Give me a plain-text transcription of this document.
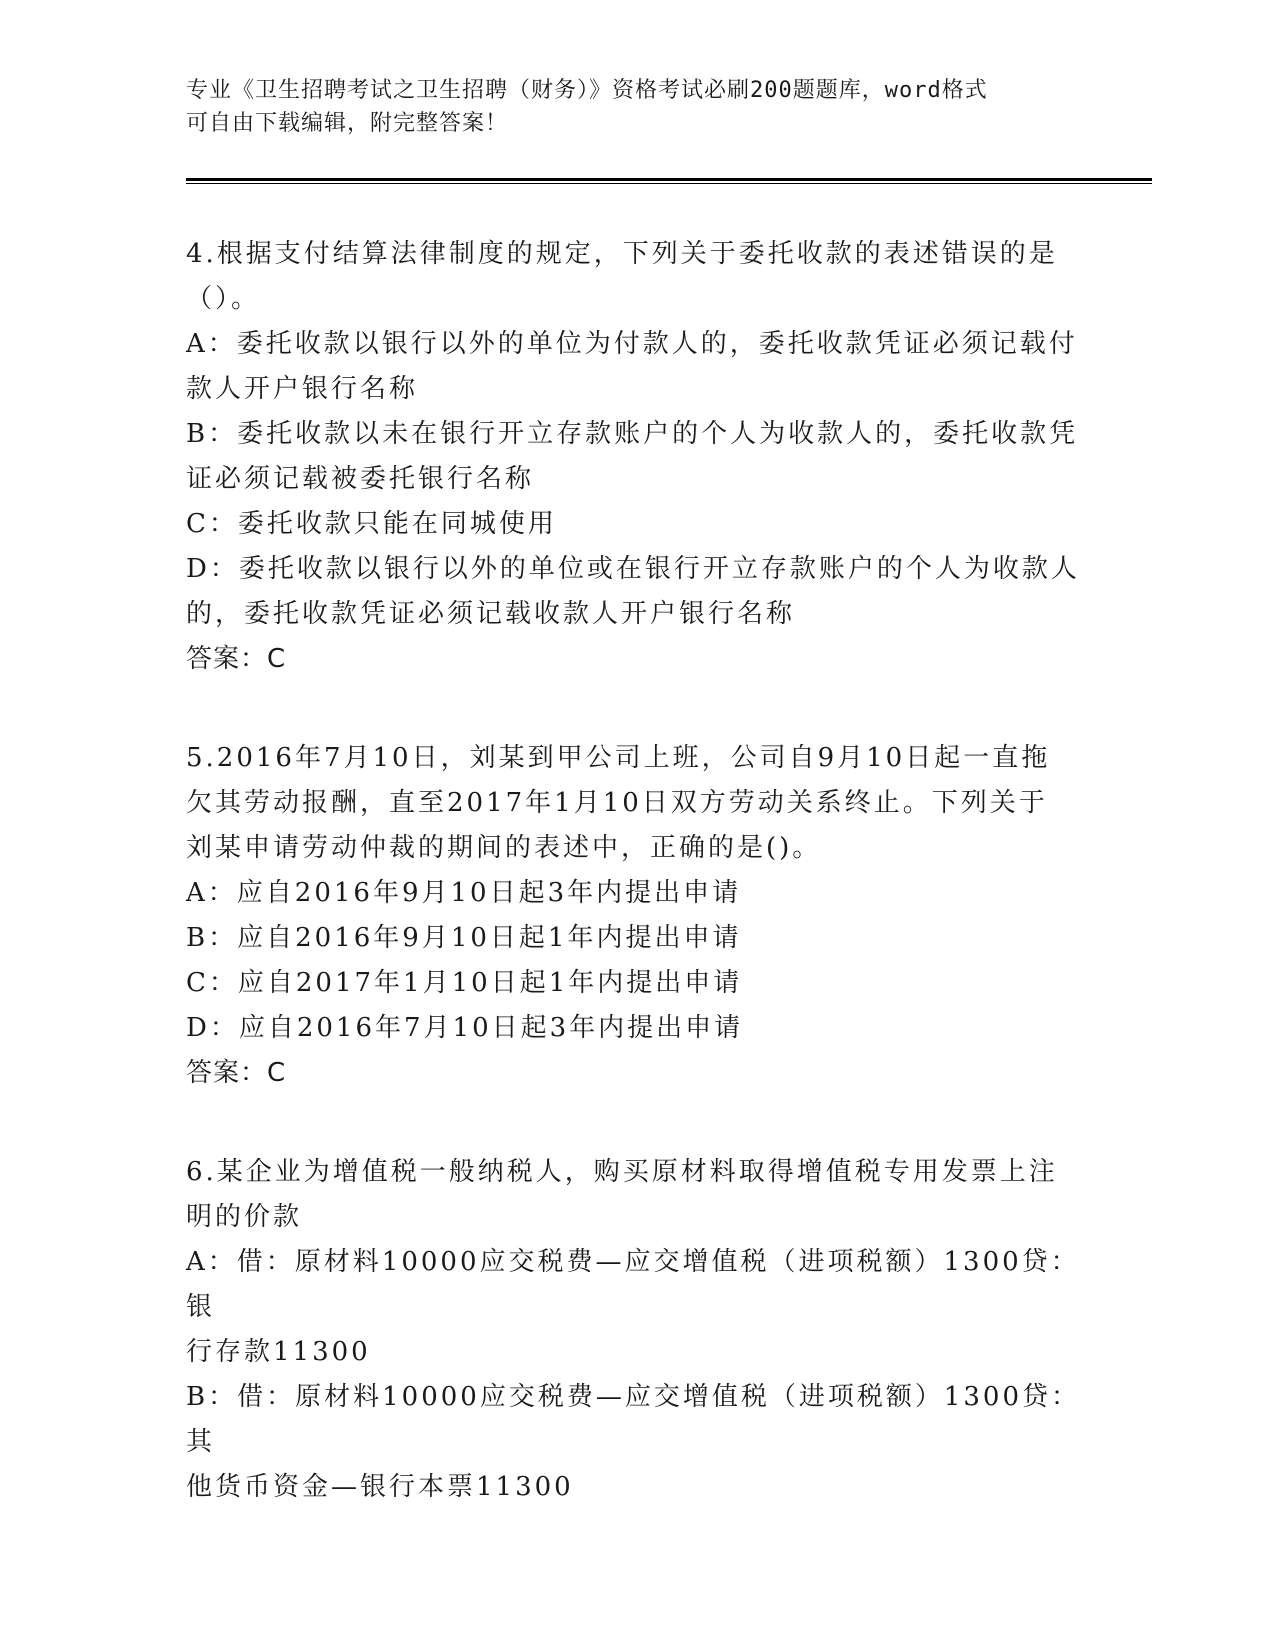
专业《卫生招聘考试之卫生招聘（财务）》资格考试必刷200题题库，word格式
可自由下载编辑，附完整答案！
4.根据支付结算法律制度的规定，下列关于委托收款的表述错误的是
（）。
A：委托收款以银行以外的单位为付款人的，委托收款凭证必须记载付
款人开户银行名称
B：委托收款以未在银行开立存款账户的个人为收款人的，委托收款凭
证必须记载被委托银行名称
C：委托收款只能在同城使用
D：委托收款以银行以外的单位或在银行开立存款账户的个人为收款人
的，委托收款凭证必须记载收款人开户银行名称
答案：C
5.2016年7月10日，刘某到甲公司上班，公司自9月10日起一直拖
欠其劳动报酬，直至2017年1月10日双方劳动关系终止。下列关于
刘某申请劳动仲裁的期间的表述中，正确的是()。
A：应自2016年9月10日起3年内提出申请
B：应自2016年9月10日起1年内提出申请
C：应自2017年1月10日起1年内提出申请
D：应自2016年7月10日起3年内提出申请
答案：C
6.某企业为增值税一般纳税人，购买原材料取得增值税专用发票上注
明的价款
A：借：原材料10000应交税费—应交增值税（进项税额）1300贷：银
行存款11300
B：借：原材料10000应交税费—应交增值税（进项税额）1300贷：其
他货币资金—银行本票11300
